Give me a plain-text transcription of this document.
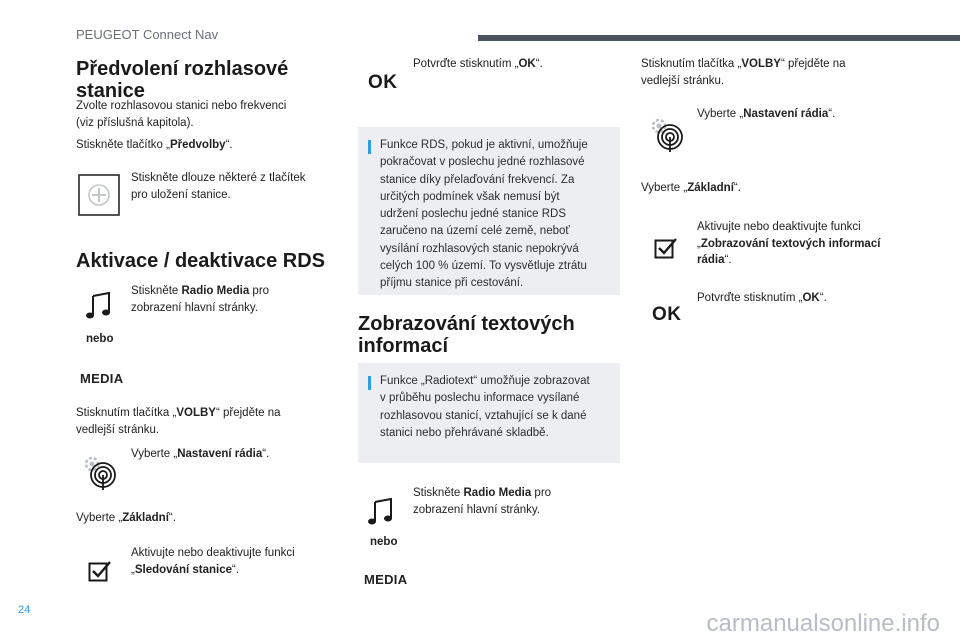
PEUGEOT Connect Nav
Předvolení rozhlasové
stanice
Zvolte rozhlasovou stanici nebo frekvenci
(viz příslušná kapitola).
Stiskněte tlačítko „Předvolby“.
Stiskněte dlouze některé z tlačítek
pro uložení stanice.
Aktivace / deaktivace RDS
Stiskněte Radio Media pro
zobrazení hlavní stránky.
nebo
MEDIA
Stisknutím tlačítka „VOLBY“ přejděte na
vedlejší stránku.
Vyberte „Nastavení rádia“.
Vyberte „Základní“.
Aktivujte nebo deaktivujte funkci
„Sledování stanice“.
OK
Potvrďte stisknutím „OK“.
Funkce RDS, pokud je aktivní, umožňuje
pokračovat v poslechu jedné rozhlasové
stanice díky přelaďování frekvencí. Za
určitých podmínek však nemusí být
udržení poslechu jedné stanice RDS
zaručeno na území celé země, neboť
vysílání rozhlasových stanic nepokrývá
celých 100 % území. To vysvětluje ztrátu
příjmu stanice při cestování.
Zobrazování textových
informací
Funkce „Radiotext“ umožňuje zobrazovat
v průběhu poslechu informace vysílané
rozhlasovou stanicí, vztahující se k dané
stanici nebo přehrávané skladbě.
Stiskněte Radio Media pro
zobrazení hlavní stránky.
nebo
MEDIA
Stisknutím tlačítka „VOLBY“ přejděte na
vedlejší stránku.
Vyberte „Nastavení rádia“.
Vyberte „Základní“.
Aktivujte nebo deaktivujte funkci
„Zobrazování textových informací
rádia“.
OK
Potvrďte stisknutím „OK“.
24	carmanualsonline.info
